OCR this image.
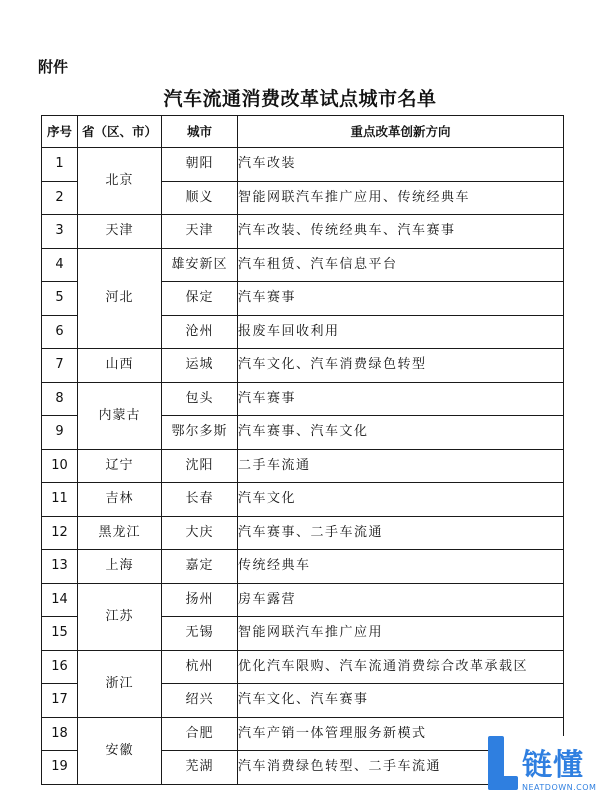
附件
汽车流通消费改革试点城市名单
序号	省（区、市）	城市	重点改革创新方向
1	北京	朝阳	汽车改装
2		顺义	智能网联汽车推广应用、传统经典车
3	天津	天津	汽车改装、传统经典车、汽车赛事
4	河北	雄安新区	汽车租赁、汽车信息平台
5		保定	汽车赛事
6		沧州	报废车回收利用
7	山西	运城	汽车文化、汽车消费绿色转型
8	内蒙古	包头	汽车赛事
9		鄂尔多斯	汽车赛事、汽车文化
10	辽宁	沈阳	二手车流通
11	吉林	长春	汽车文化
12	黑龙江	大庆	汽车赛事、二手车流通
13	上海	嘉定	传统经典车
14	江苏	扬州	房车露营
15		无锡	智能网联汽车推广应用
16	浙江	杭州	优化汽车限购、汽车流通消费综合改革承载区
17		绍兴	汽车文化、汽车赛事
18	安徽	合肥	汽车产销一体管理服务新模式
19		芜湖	汽车消费绿色转型、二手车流通	链懂
NEATDOWN.COM
